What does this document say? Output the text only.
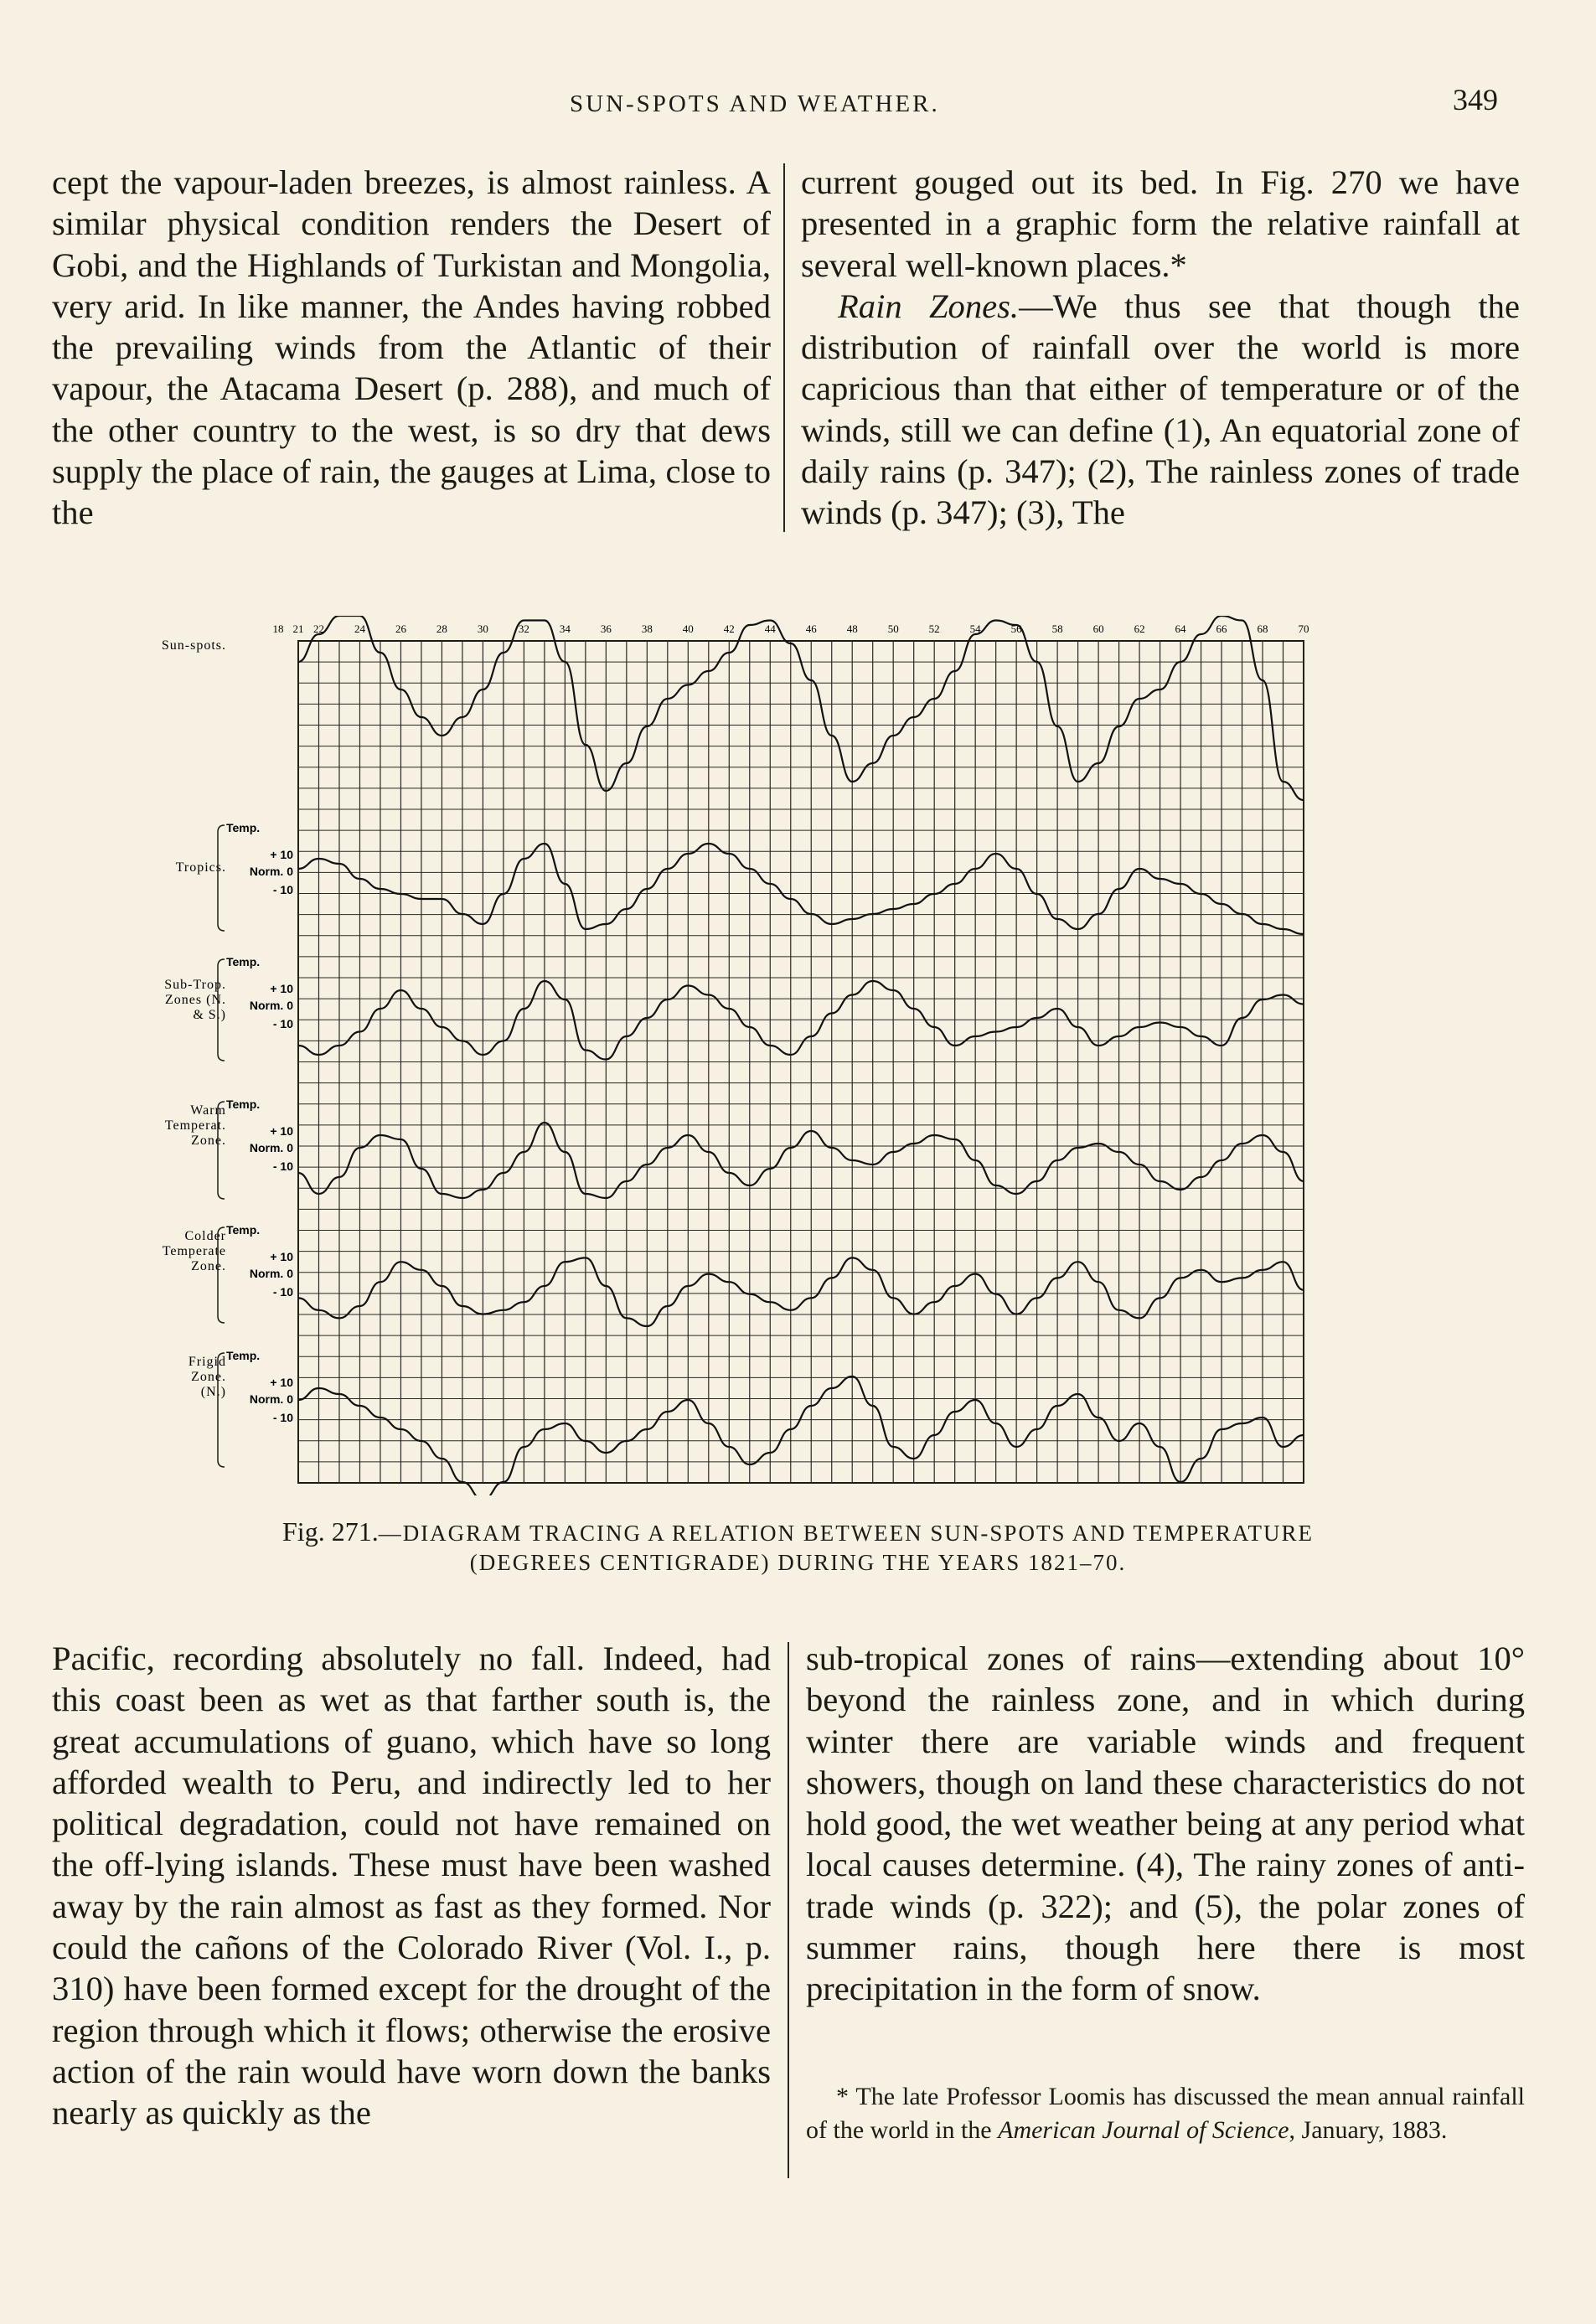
SUN-SPOTS AND WEATHER.	349

cept the vapour-laden breezes, is almost rainless. A similar physical condition renders the Desert of Gobi, and the Highlands of Turkistan and Mongolia, very arid. In like manner, the Andes having robbed the prevailing winds from the Atlantic of their vapour, the Atacama Desert (p. 288), and much of the other country to the west, is so dry that dews supply the place of rain, the gauges at Lima, close to the

current gouged out its bed. In Fig. 270 we have presented in a graphic form the relative rainfall at several well-known places.*

Rain Zones.—We thus see that though the distribution of rainfall over the world is more capricious than that either of temperature or of the winds, still we can define (1), An equatorial zone of daily rains (p. 347); (2), The rainless zones of trade winds (p. 347); (3), The

18 21 22	24	26	28	30	32	34	36	38	40	42	44	46	48	50	52	54	56	58	60	62	64	66	68	70
Sun-spots.
Tropics.
Temp.
+ 10
Norm. 0
- 10
Sub-Trop.
Zones (N.
& S.)
Temp.
+ 10
Norm. 0
- 10
Warm
Temperat.
Zone.
Temp.
+ 10
Norm. 0
- 10
Colder
Temperate
Zone.
Temp.
+ 10
Norm. 0
- 10
Frigid
Zone.
(N.)
Temp.
+ 10
Norm. 0
- 10
Fig. 271.—DIAGRAM TRACING A RELATION BETWEEN SUN-SPOTS AND TEMPERATURE
(DEGREES CENTIGRADE) DURING THE YEARS 1821–70.

Pacific, recording absolutely no fall. Indeed, had this coast been as wet as that farther south is, the great accumulations of guano, which have so long afforded wealth to Peru, and indirectly led to her political degradation, could not have remained on the off-lying islands. These must have been washed away by the rain almost as fast as they formed. Nor could the cañons of the Colorado River (Vol. I., p. 310) have been formed except for the drought of the region through which it flows; otherwise the erosive action of the rain would have worn down the banks nearly as quickly as the

sub-tropical zones of rains—extending about 10° beyond the rainless zone, and in which during winter there are variable winds and frequent showers, though on land these characteristics do not hold good, the wet weather being at any period what local causes determine. (4), The rainy zones of anti-trade winds (p. 322); and (5), the polar zones of summer rains, though here there is most precipitation in the form of snow.

* The late Professor Loomis has discussed the mean annual rainfall of the world in the American Journal of Science, January, 1883.
